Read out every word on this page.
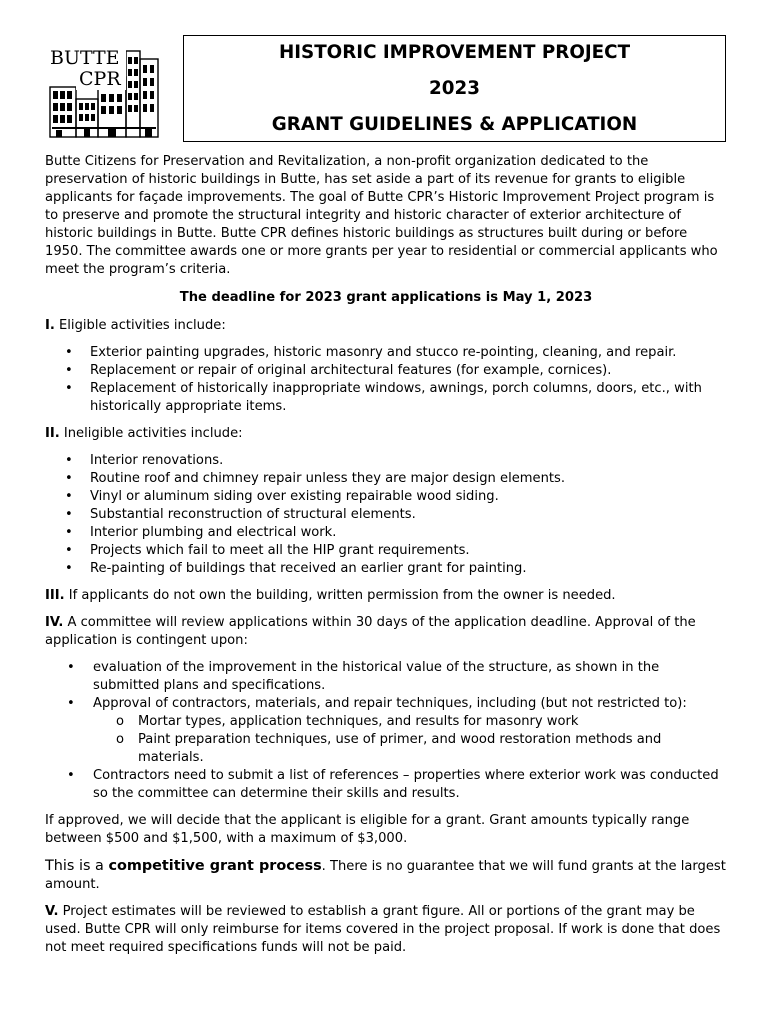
BUTTE
CPR
HISTORIC IMPROVEMENT PROJECT
2023
GRANT GUIDELINES & APPLICATION

Butte Citizens for Preservation and Revitalization, a non-profit organization dedicated to the preservation of historic buildings in Butte, has set aside a part of its revenue for grants to eligible applicants for façade improvements. The goal of Butte CPR’s Historic Improvement Project program is to preserve and promote the structural integrity and historic character of exterior architecture of historic buildings in Butte. Butte CPR defines historic buildings as structures built during or before 1950. The committee awards one or more grants per year to residential or commercial applicants who meet the program’s criteria.

The deadline for 2023 grant applications is May 1, 2023

I. Eligible activities include:

• Exterior painting upgrades, historic masonry and stucco re-pointing, cleaning, and repair.
• Replacement or repair of original architectural features (for example, cornices).
• Replacement of historically inappropriate windows, awnings, porch columns, doors, etc., with historically appropriate items.

II. Ineligible activities include:

• Interior renovations.
• Routine roof and chimney repair unless they are major design elements.
• Vinyl or aluminum siding over existing repairable wood siding.
• Substantial reconstruction of structural elements.
• Interior plumbing and electrical work.
• Projects which fail to meet all the HIP grant requirements.
• Re-painting of buildings that received an earlier grant for painting.

III. If applicants do not own the building, written permission from the owner is needed.

IV. A committee will review applications within 30 days of the application deadline. Approval of the application is contingent upon:

• evaluation of the improvement in the historical value of the structure, as shown in the submitted plans and specifications.
• Approval of contractors, materials, and repair techniques, including (but not restricted to):
o Mortar types, application techniques, and results for masonry work
o Paint preparation techniques, use of primer, and wood restoration methods and materials.
• Contractors need to submit a list of references – properties where exterior work was conducted so the committee can determine their skills and results.

If approved, we will decide that the applicant is eligible for a grant. Grant amounts typically range between $500 and $1,500, with a maximum of $3,000.

This is a competitive grant process. There is no guarantee that we will fund grants at the largest amount.

V. Project estimates will be reviewed to establish a grant figure. All or portions of the grant may be used. Butte CPR will only reimburse for items covered in the project proposal. If work is done that does not meet required specifications funds will not be paid.
